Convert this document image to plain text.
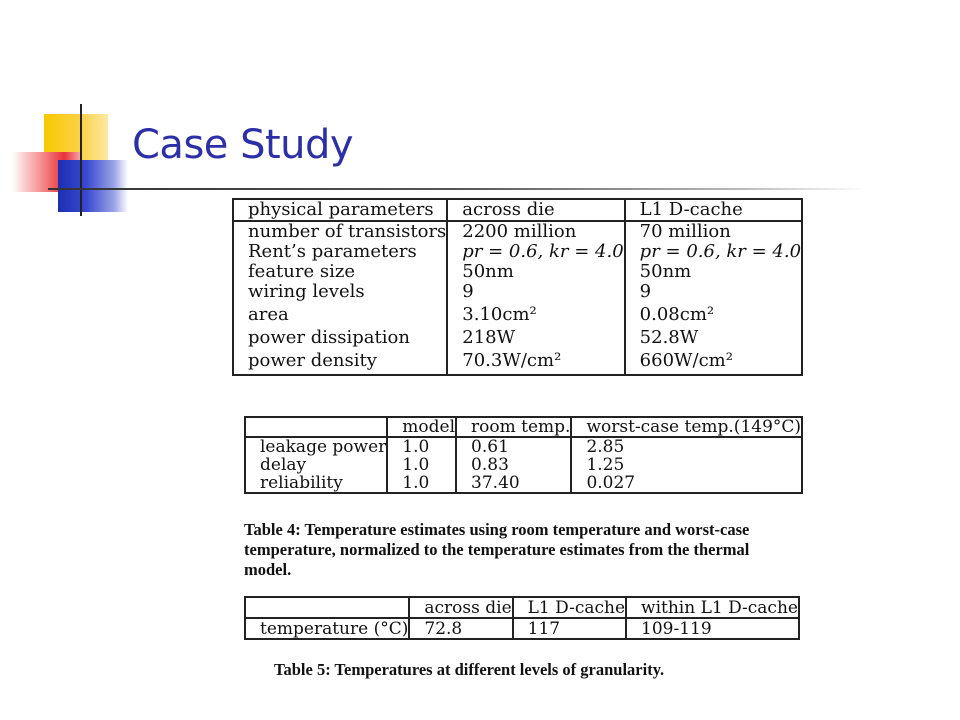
Case Study
physical parameters	across die	L1 D-cache
number of transistors	2200 million	70 million
Rent’s parameters	pr = 0.6, kr = 4.0	pr = 0.6, kr = 4.0
feature size	50nm	50nm
wiring levels	9	9
area	3.10cm²	0.08cm²
power dissipation	218W	52.8W
power density	70.3W/cm²	660W/cm²
	model	room temp.	worst-case temp.(149°C)
leakage power	1.0	0.61	2.85
delay	1.0	0.83	1.25
reliability	1.0	37.40	0.027
Table 4: Temperature estimates using room temperature and worst-case temperature, normalized to the temperature estimates from the thermal model.
	across die	L1 D-cache	within L1 D-cache
temperature (°C)	72.8	117	109-119
Table 5: Temperatures at different levels of granularity.
